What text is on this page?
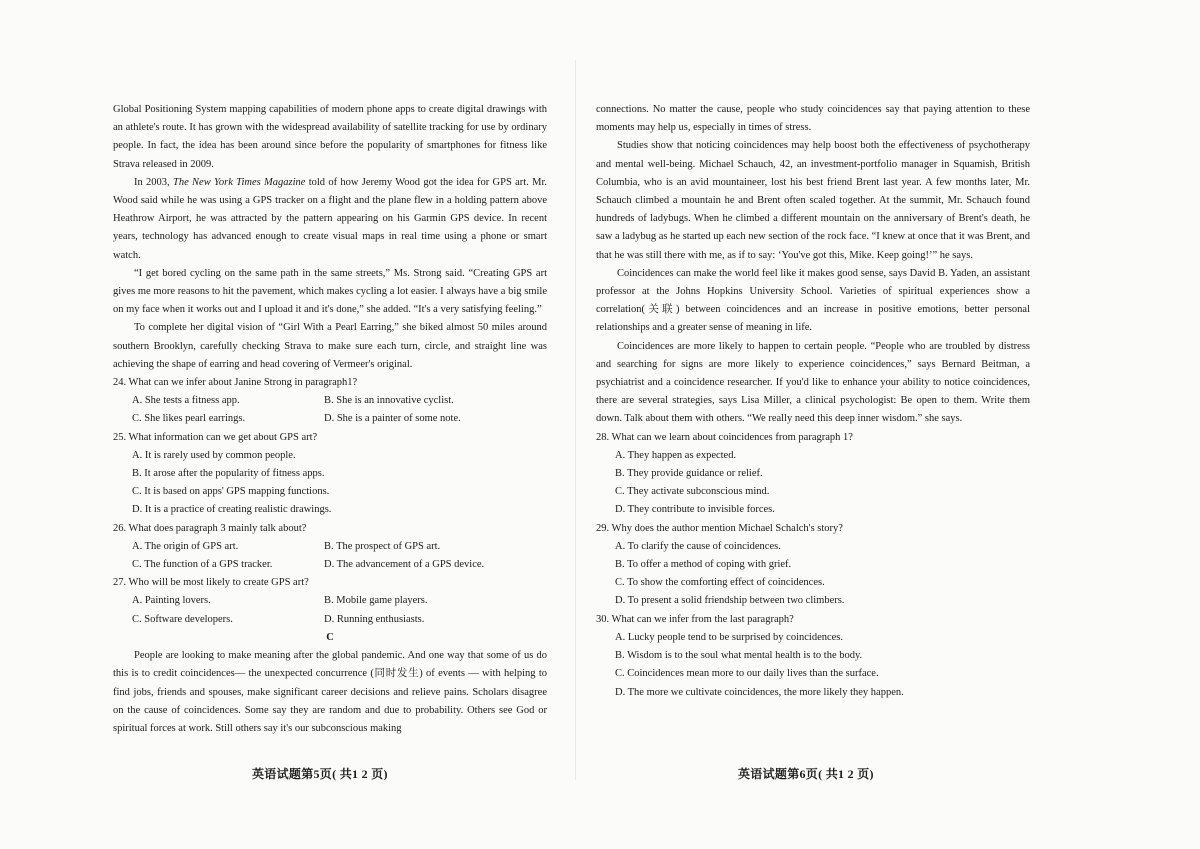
Global Positioning System mapping capabilities of modern phone apps to create digital drawings with an athlete's route. It has grown with the widespread availability of satellite tracking for use by ordinary people. In fact, the idea has been around since before the popularity of smartphones for fitness like Strava released in 2009.

In 2003, The New York Times Magazine told of how Jeremy Wood got the idea for GPS art. Mr. Wood said while he was using a GPS tracker on a flight and the plane flew in a holding pattern above Heathrow Airport, he was attracted by the pattern appearing on his Garmin GPS device. In recent years, technology has advanced enough to create visual maps in real time using a phone or smart watch.

“I get bored cycling on the same path in the same streets,” Ms. Strong said. “Creating GPS art gives me more reasons to hit the pavement, which makes cycling a lot easier. I always have a big smile on my face when it works out and I upload it and it's done,” she added. “It's a very satisfying feeling.”

To complete her digital vision of “Girl With a Pearl Earring,” she biked almost 50 miles around southern Brooklyn, carefully checking Strava to make sure each turn, circle, and straight line was achieving the shape of earring and head covering of Vermeer's original.

24. What can we infer about Janine Strong in paragraph1?

A. She tests a fitness app.	B. She is an innovative cyclist.
C. She likes pearl earrings.	D. She is a painter of some note.

25. What information can we get about GPS art?

A. It is rarely used by common people.
B. It arose after the popularity of fitness apps.
C. It is based on apps' GPS mapping functions.
D. It is a practice of creating realistic drawings.

26. What does paragraph 3 mainly talk about?

A. The origin of GPS art.	B. The prospect of GPS art.
C. The function of a GPS tracker.	D. The advancement of a GPS device.

27. Who will be most likely to create GPS art?

A. Painting lovers.	B. Mobile game players.
C. Software developers.	D. Running enthusiasts.

C

People are looking to make meaning after the global pandemic. And one way that some of us do this is to credit coincidences— the unexpected concurrence (同时发生) of events — with helping to find jobs, friends and spouses, make significant career decisions and relieve pains. Scholars disagree on the cause of coincidences. Some say they are random and due to probability. Others see God or spiritual forces at work. Still others say it's our subconscious making

connections. No matter the cause, people who study coincidences say that paying attention to these moments may help us, especially in times of stress.

Studies show that noticing coincidences may help boost both the effectiveness of psychotherapy and mental well-being. Michael Schauch, 42, an investment-portfolio manager in Squamish, British Columbia, who is an avid mountaineer, lost his best friend Brent last year. A few months later, Mr. Schauch climbed a mountain he and Brent often scaled together. At the summit, Mr. Schauch found hundreds of ladybugs. When he climbed a different mountain on the anniversary of Brent's death, he saw a ladybug as he started up each new section of the rock face. “I knew at once that it was Brent, and that he was still there with me, as if to say: ‘You've got this, Mike. Keep going!’” he says.

Coincidences can make the world feel like it makes good sense, says David B. Yaden, an assistant professor at the Johns Hopkins University School. Varieties of spiritual experiences show a correlation(关联) between coincidences and an increase in positive emotions, better personal relationships and a greater sense of meaning in life.

Coincidences are more likely to happen to certain people. “People who are troubled by distress and searching for signs are more likely to experience coincidences,” says Bernard Beitman, a psychiatrist and a coincidence researcher. If you'd like to enhance your ability to notice coincidences, there are several strategies, says Lisa Miller, a clinical psychologist: Be open to them. Write them down. Talk about them with others. “We really need this deep inner wisdom.” she says.

28. What can we learn about coincidences from paragraph 1?

A. They happen as expected.
B. They provide guidance or relief.
C. They activate subconscious mind.
D. They contribute to invisible forces.

29. Why does the author mention Michael Schalch's story?

A. To clarify the cause of coincidences.
B. To offer a method of coping with grief.
C. To show the comforting effect of coincidences.
D. To present a solid friendship between two climbers.

30. What can we infer from the last paragraph?

A. Lucky people tend to be surprised by coincidences.
B. Wisdom is to the soul what mental health is to the body.
C. Coincidences mean more to our daily lives than the surface.
D. The more we cultivate coincidences, the more likely they happen.
英语试题第5页( 共1 2 页)	英语试题第6页( 共1 2 页)
